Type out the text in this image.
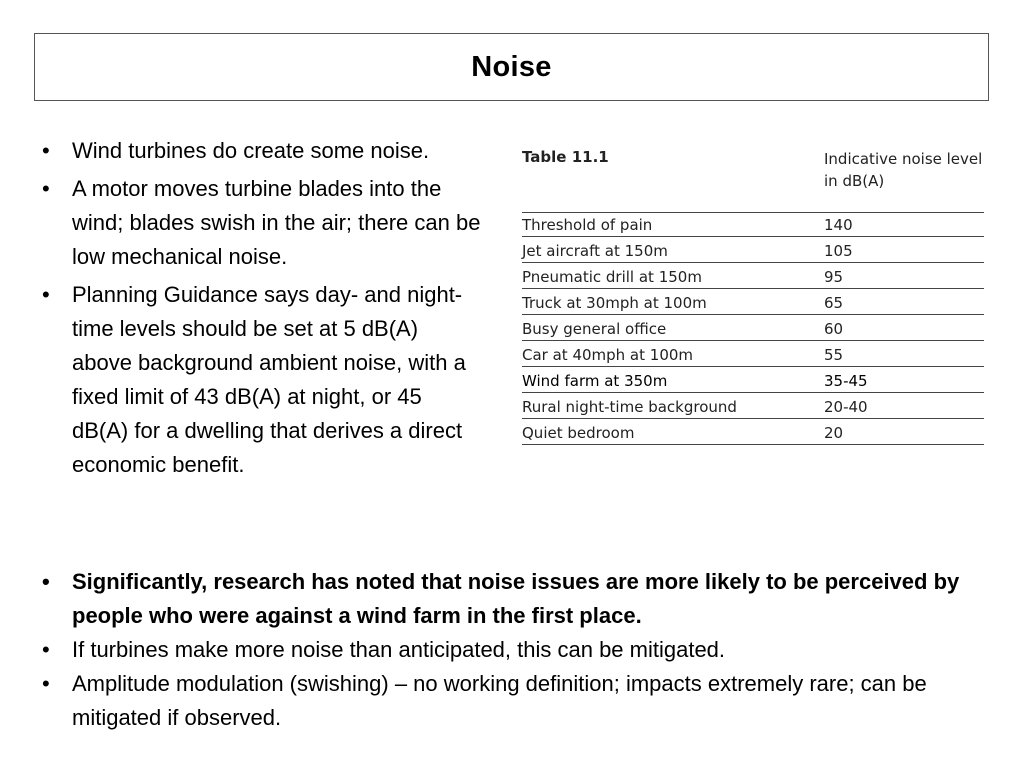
Noise
• Wind turbines do create some noise.
• A motor moves turbine blades into the wind; blades swish in the air; there can be low mechanical noise.
• Planning Guidance says day- and night-time levels should be set at 5 dB(A) above background ambient noise, with a fixed limit of 43 dB(A) at night, or 45 dB(A) for a dwelling that derives a direct economic benefit.
Table 11.1	Indicative noise level in dB(A)
Threshold of pain	140
Jet aircraft at 150m	105
Pneumatic drill at 150m	95
Truck at 30mph at 100m	65
Busy general office	60
Car at 40mph at 100m	55
Wind farm at 350m	35-45
Rural night-time background	20-40
Quiet bedroom	20
• Significantly, research has noted that noise issues are more likely to be perceived by people who were against a wind farm in the first place.
• If turbines make more noise than anticipated, this can be mitigated.
• Amplitude modulation (swishing) – no working definition; impacts extremely rare; can be mitigated if observed.
